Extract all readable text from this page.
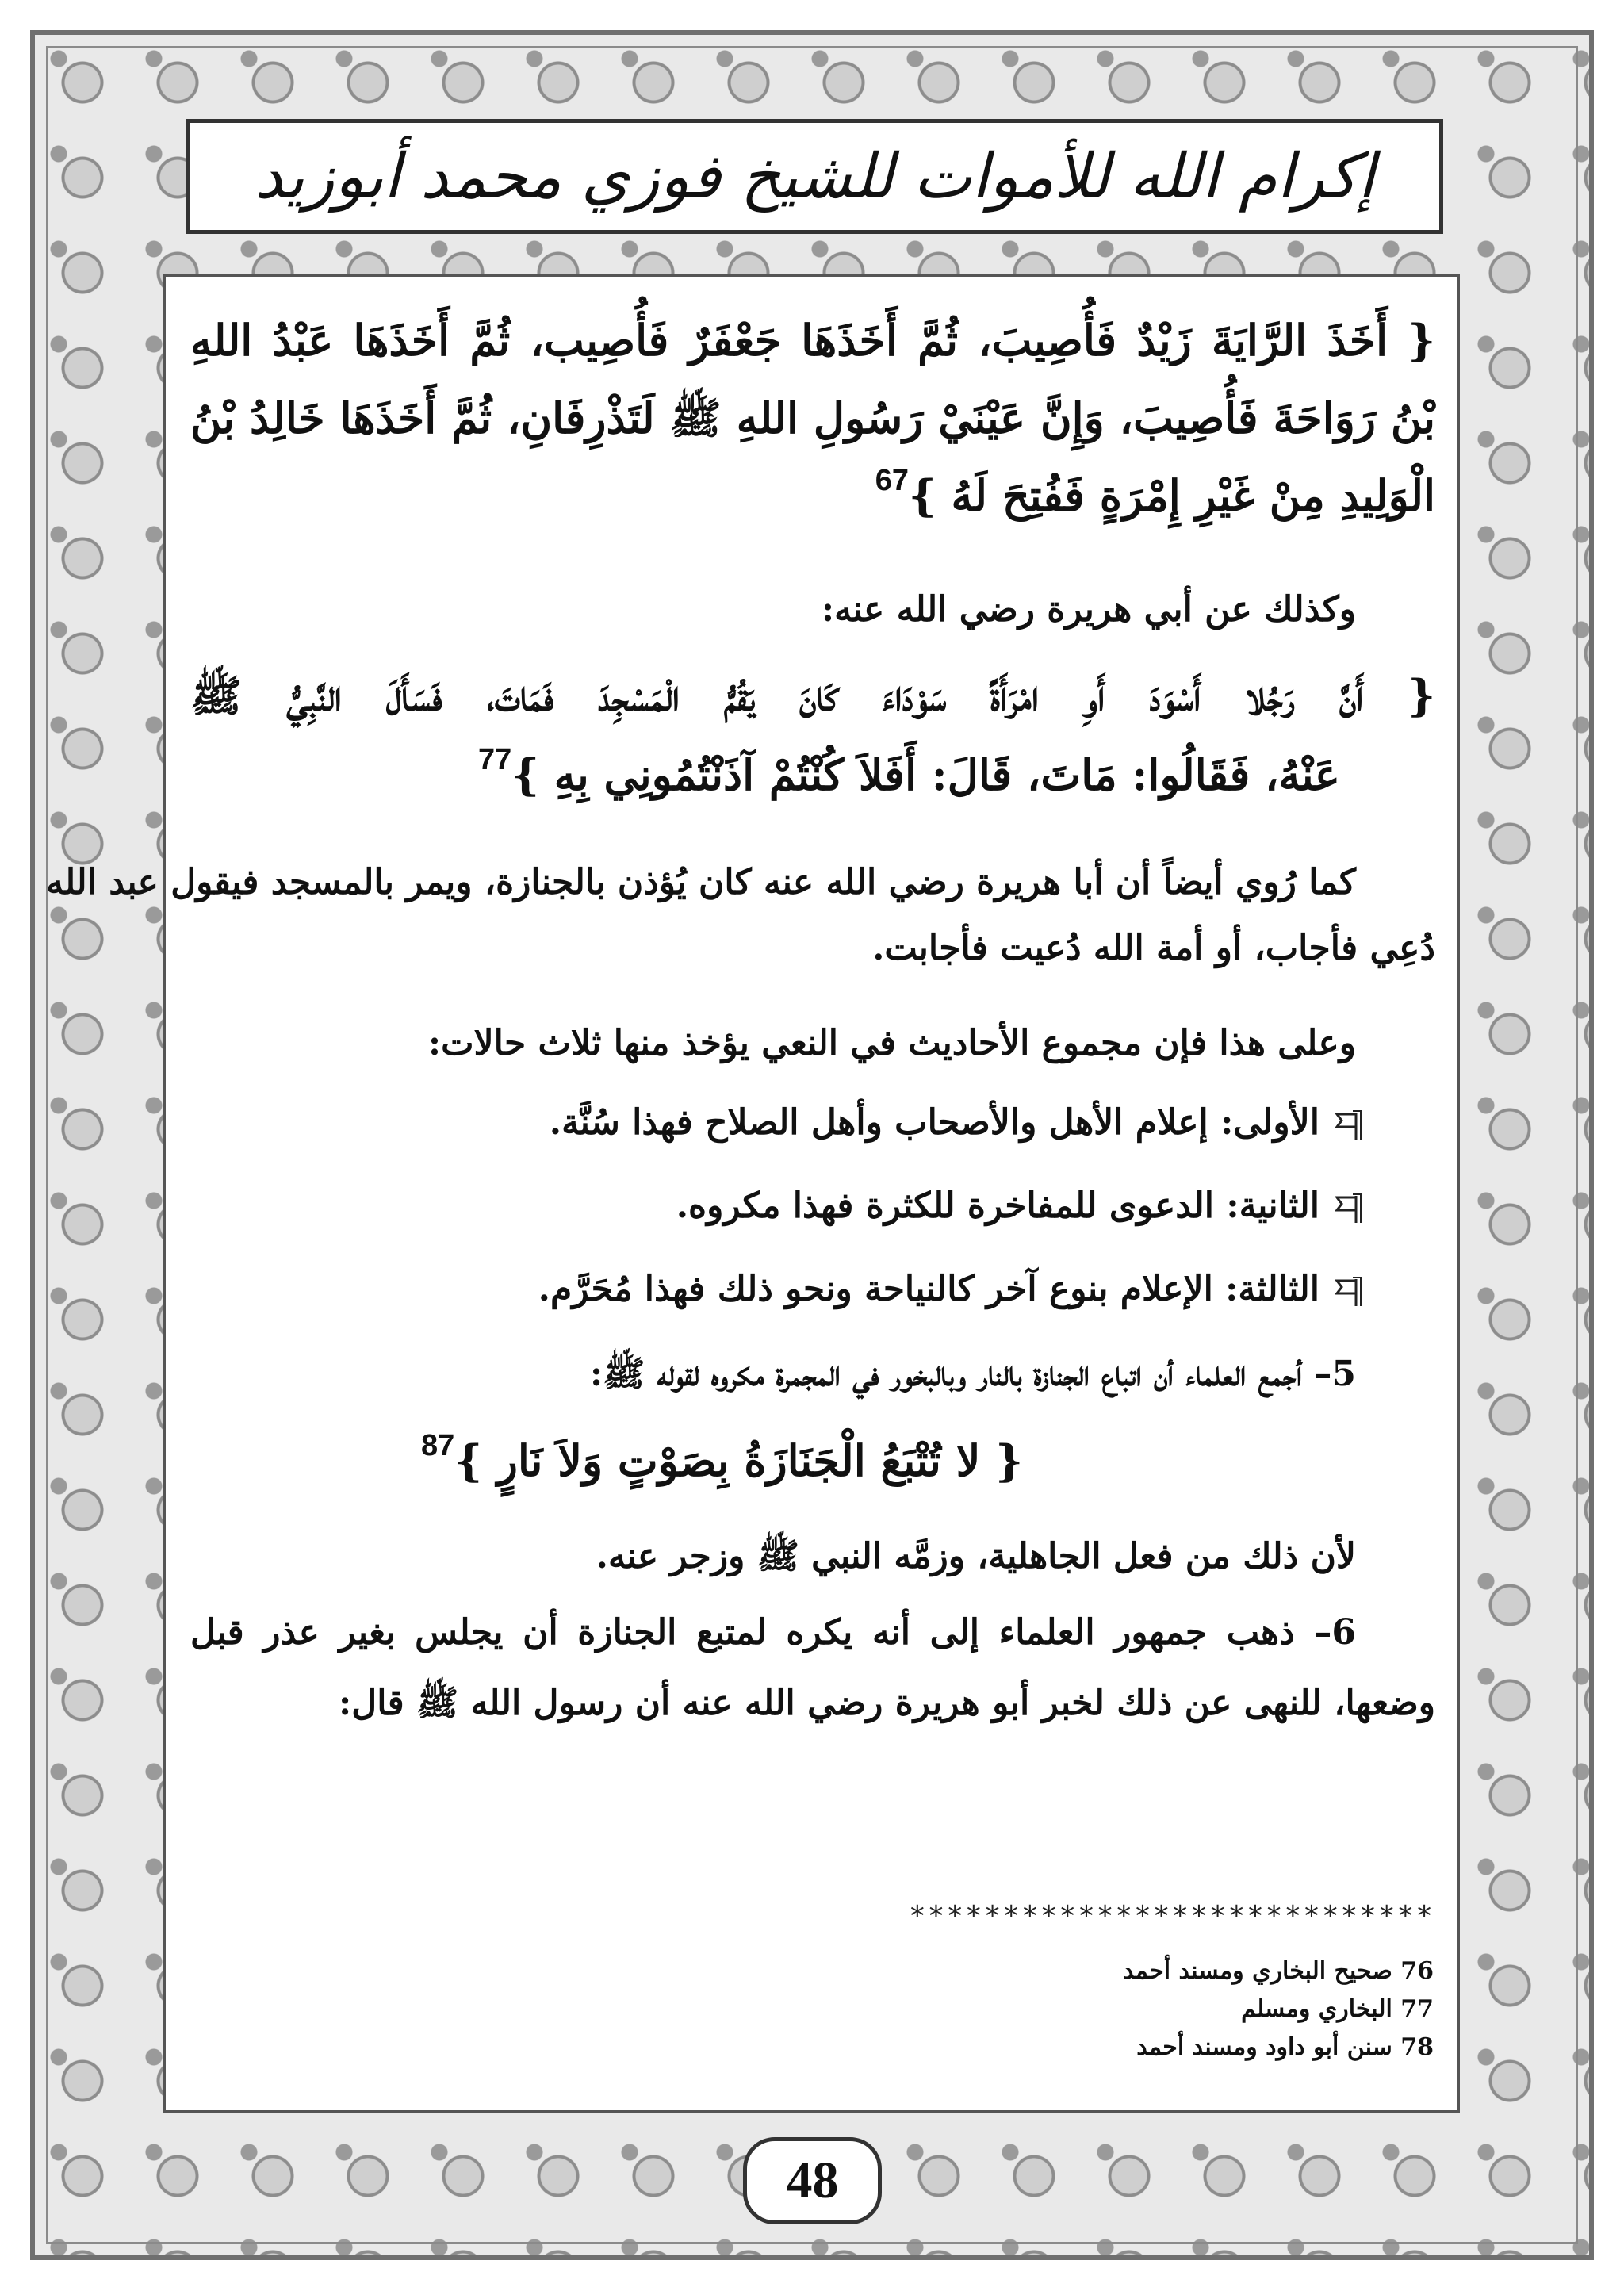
إكرام الله للأموات للشيخ فوزي محمد أبوزيد
{ أَخَذَ الرَّايَةَ زَيْدٌ فَأُصِيبَ، ثُمَّ أَخَذَهَا جَعْفَرٌ فَأُصِيب، ثُمَّ أَخَذَهَا عَبْدُ اللهِ
بْنُ رَوَاحَةَ فَأُصِيبَ، وَإِنَّ عَيْنَيْ رَسُولِ اللهِ ﷺ لَتَذْرِفَانِ، ثُمَّ أَخَذَهَا خَالِدُ بْنُ
الْوَلِيدِ مِنْ غَيْرِ إِمْرَةٍ فَفُتِحَ لَهُ }$^{67}$
وكذلك عن أبي هريرة رضي الله عنه:
{ أَنَّ رَجُلا أَسْوَدَ أَوِ امْرَأَةً سَوْدَاءَ كَانَ يَقُمُّ الْمَسْجِدَ فَمَاتَ، فَسَأَلَ النَّبِيُّ ﷺ
عَنْهُ، فَقَالُوا: مَاتَ، قَالَ: أَفَلاَ كُنْتُمْ آذَنْتُمُونِي بِهِ }$^{77}$
كما رُوي أيضاً أن أبا هريرة رضي الله عنه كان يُؤذن بالجنازة، ويمر بالمسجد فيقول عبد الله
دُعِي فأجاب، أو أمة الله دُعيت فأجابت.
وعلى هذا فإن مجموع الأحاديث في النعي يؤخذ منها ثلاث حالات:
الأولى: إعلام الأهل والأصحاب وأهل الصلاح فهذا سُنَّة.
الثانية: الدعوى للمفاخرة للكثرة فهذا مكروه.
الثالثة: الإعلام بنوع آخر كالنياحة ونحو ذلك فهذا مُحَرَّم.
5– أجمع العلماء أن اتباع الجنازة بالنار وبالبخور في المجمرة مكروه لقوله ﷺ:
{ لا تُتْبَعُ الْجَنَازَةُ بِصَوْتٍ وَلاَ نَارٍ }$^{87}$
لأن ذلك من فعل الجاهلية، وزمَّه النبي ﷺ وزجر عنه.
6– ذهب جمهور العلماء إلى أنه يكره لمتبع الجنازة أن يجلس بغير عذر قبل
وضعها، للنهى عن ذلك لخبر أبو هريرة رضي الله عنه أن رسول الله ﷺ قال:
****************************
76 صحيح البخاري ومسند أحمد
77 البخاري ومسلم
78 سنن أبو داود ومسند أحمد
48
